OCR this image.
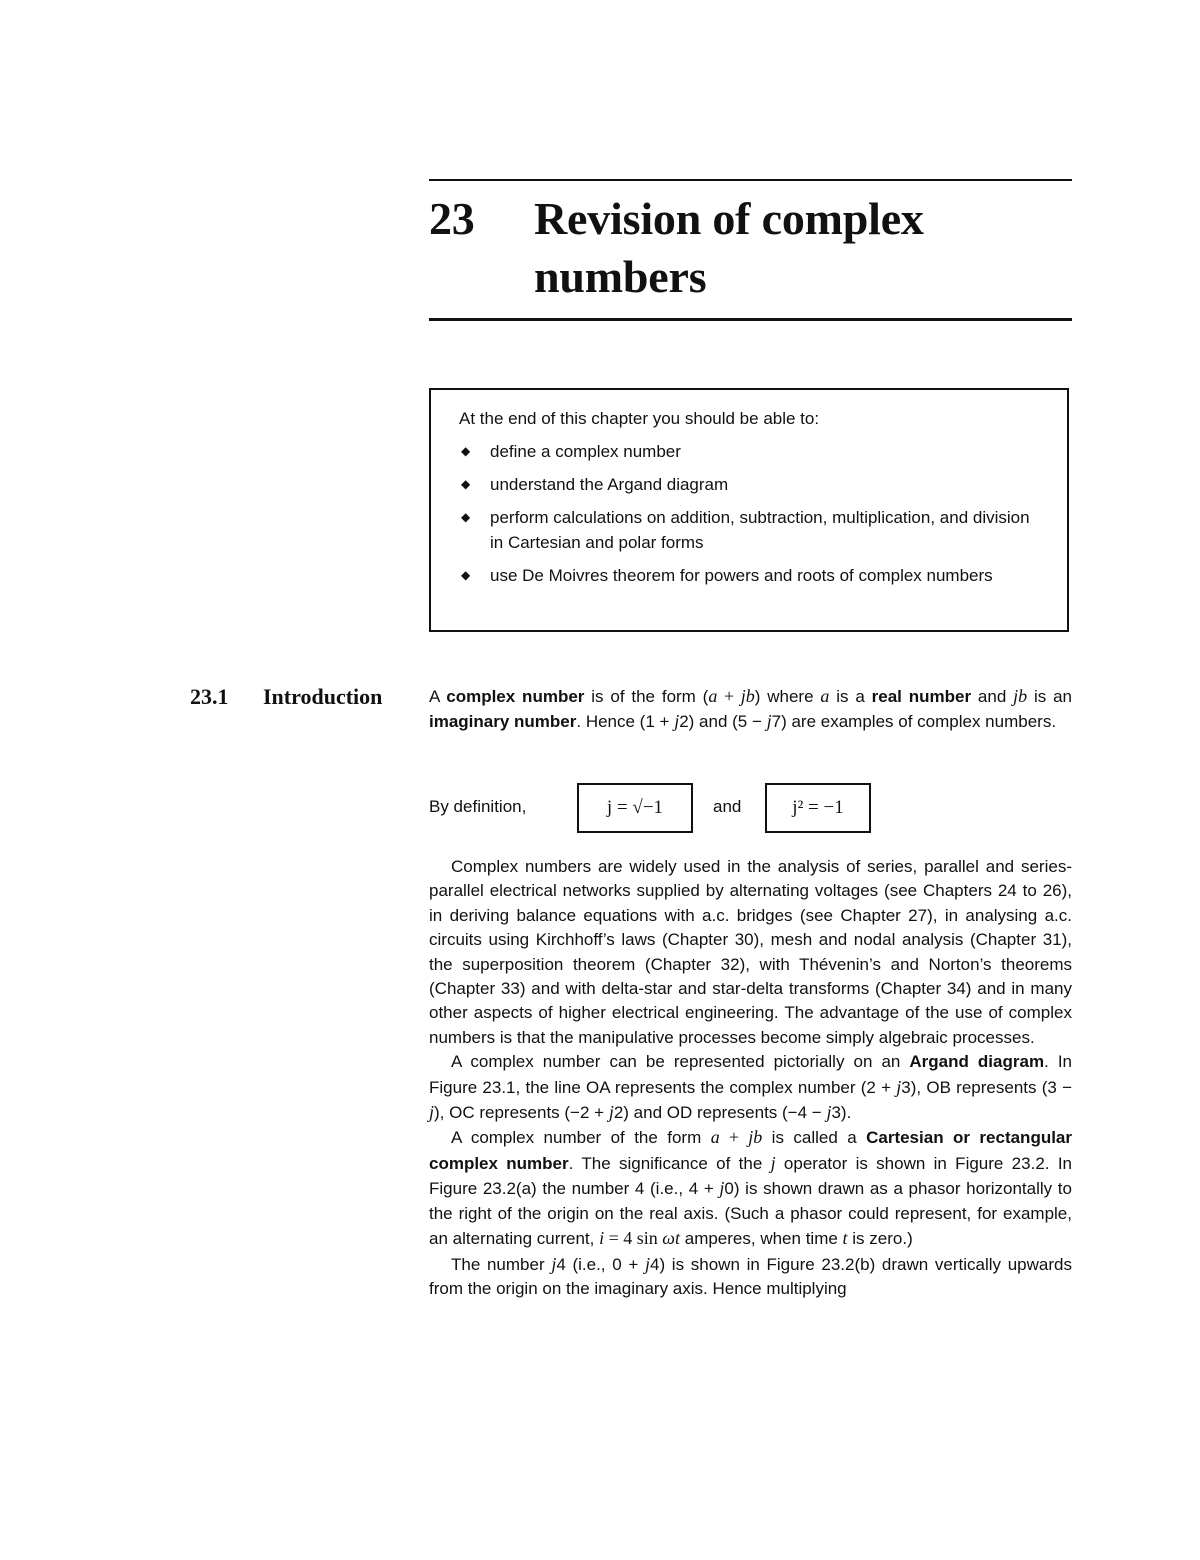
23 Revision of complex
numbers
At the end of this chapter you should be able to:
◆ define a complex number
◆ understand the Argand diagram
◆ perform calculations on addition, subtraction, multiplication, and division in Cartesian and polar forms
◆ use De Moivres theorem for powers and roots of complex numbers
23.1 Introduction	A complex number is of the form (a + jb) where a is a real number and jb is an imaginary number. Hence (1 + j2) and (5 − j7) are examples of complex numbers.

By definition,	j = √−1	and	j² = −1

Complex numbers are widely used in the analysis of series, parallel and series-parallel electrical networks supplied by alternating voltages (see Chapters 24 to 26), in deriving balance equations with a.c. bridges (see Chapter 27), in analysing a.c. circuits using Kirchhoff’s laws (Chapter 30), mesh and nodal analysis (Chapter 31), the superposition theorem (Chapter 32), with Thévenin’s and Norton’s theorems (Chapter 33) and with delta-star and star-delta transforms (Chapter 34) and in many other aspects of higher electrical engineering. The advantage of the use of complex numbers is that the manipulative processes become simply algebraic processes.

A complex number can be represented pictorially on an Argand diagram. In Figure 23.1, the line OA represents the complex number (2 + j3), OB represents (3 − j), OC represents (−2 + j2) and OD represents (−4 − j3).

A complex number of the form a + jb is called a Cartesian or rectangular complex number. The significance of the j operator is shown in Figure 23.2. In Figure 23.2(a) the number 4 (i.e., 4 + j0) is shown drawn as a phasor horizontally to the right of the origin on the real axis. (Such a phasor could represent, for example, an alternating current, i = 4 sin ωt amperes, when time t is zero.)

The number j4 (i.e., 0 + j4) is shown in Figure 23.2(b) drawn vertically upwards from the origin on the imaginary axis. Hence multiplying
